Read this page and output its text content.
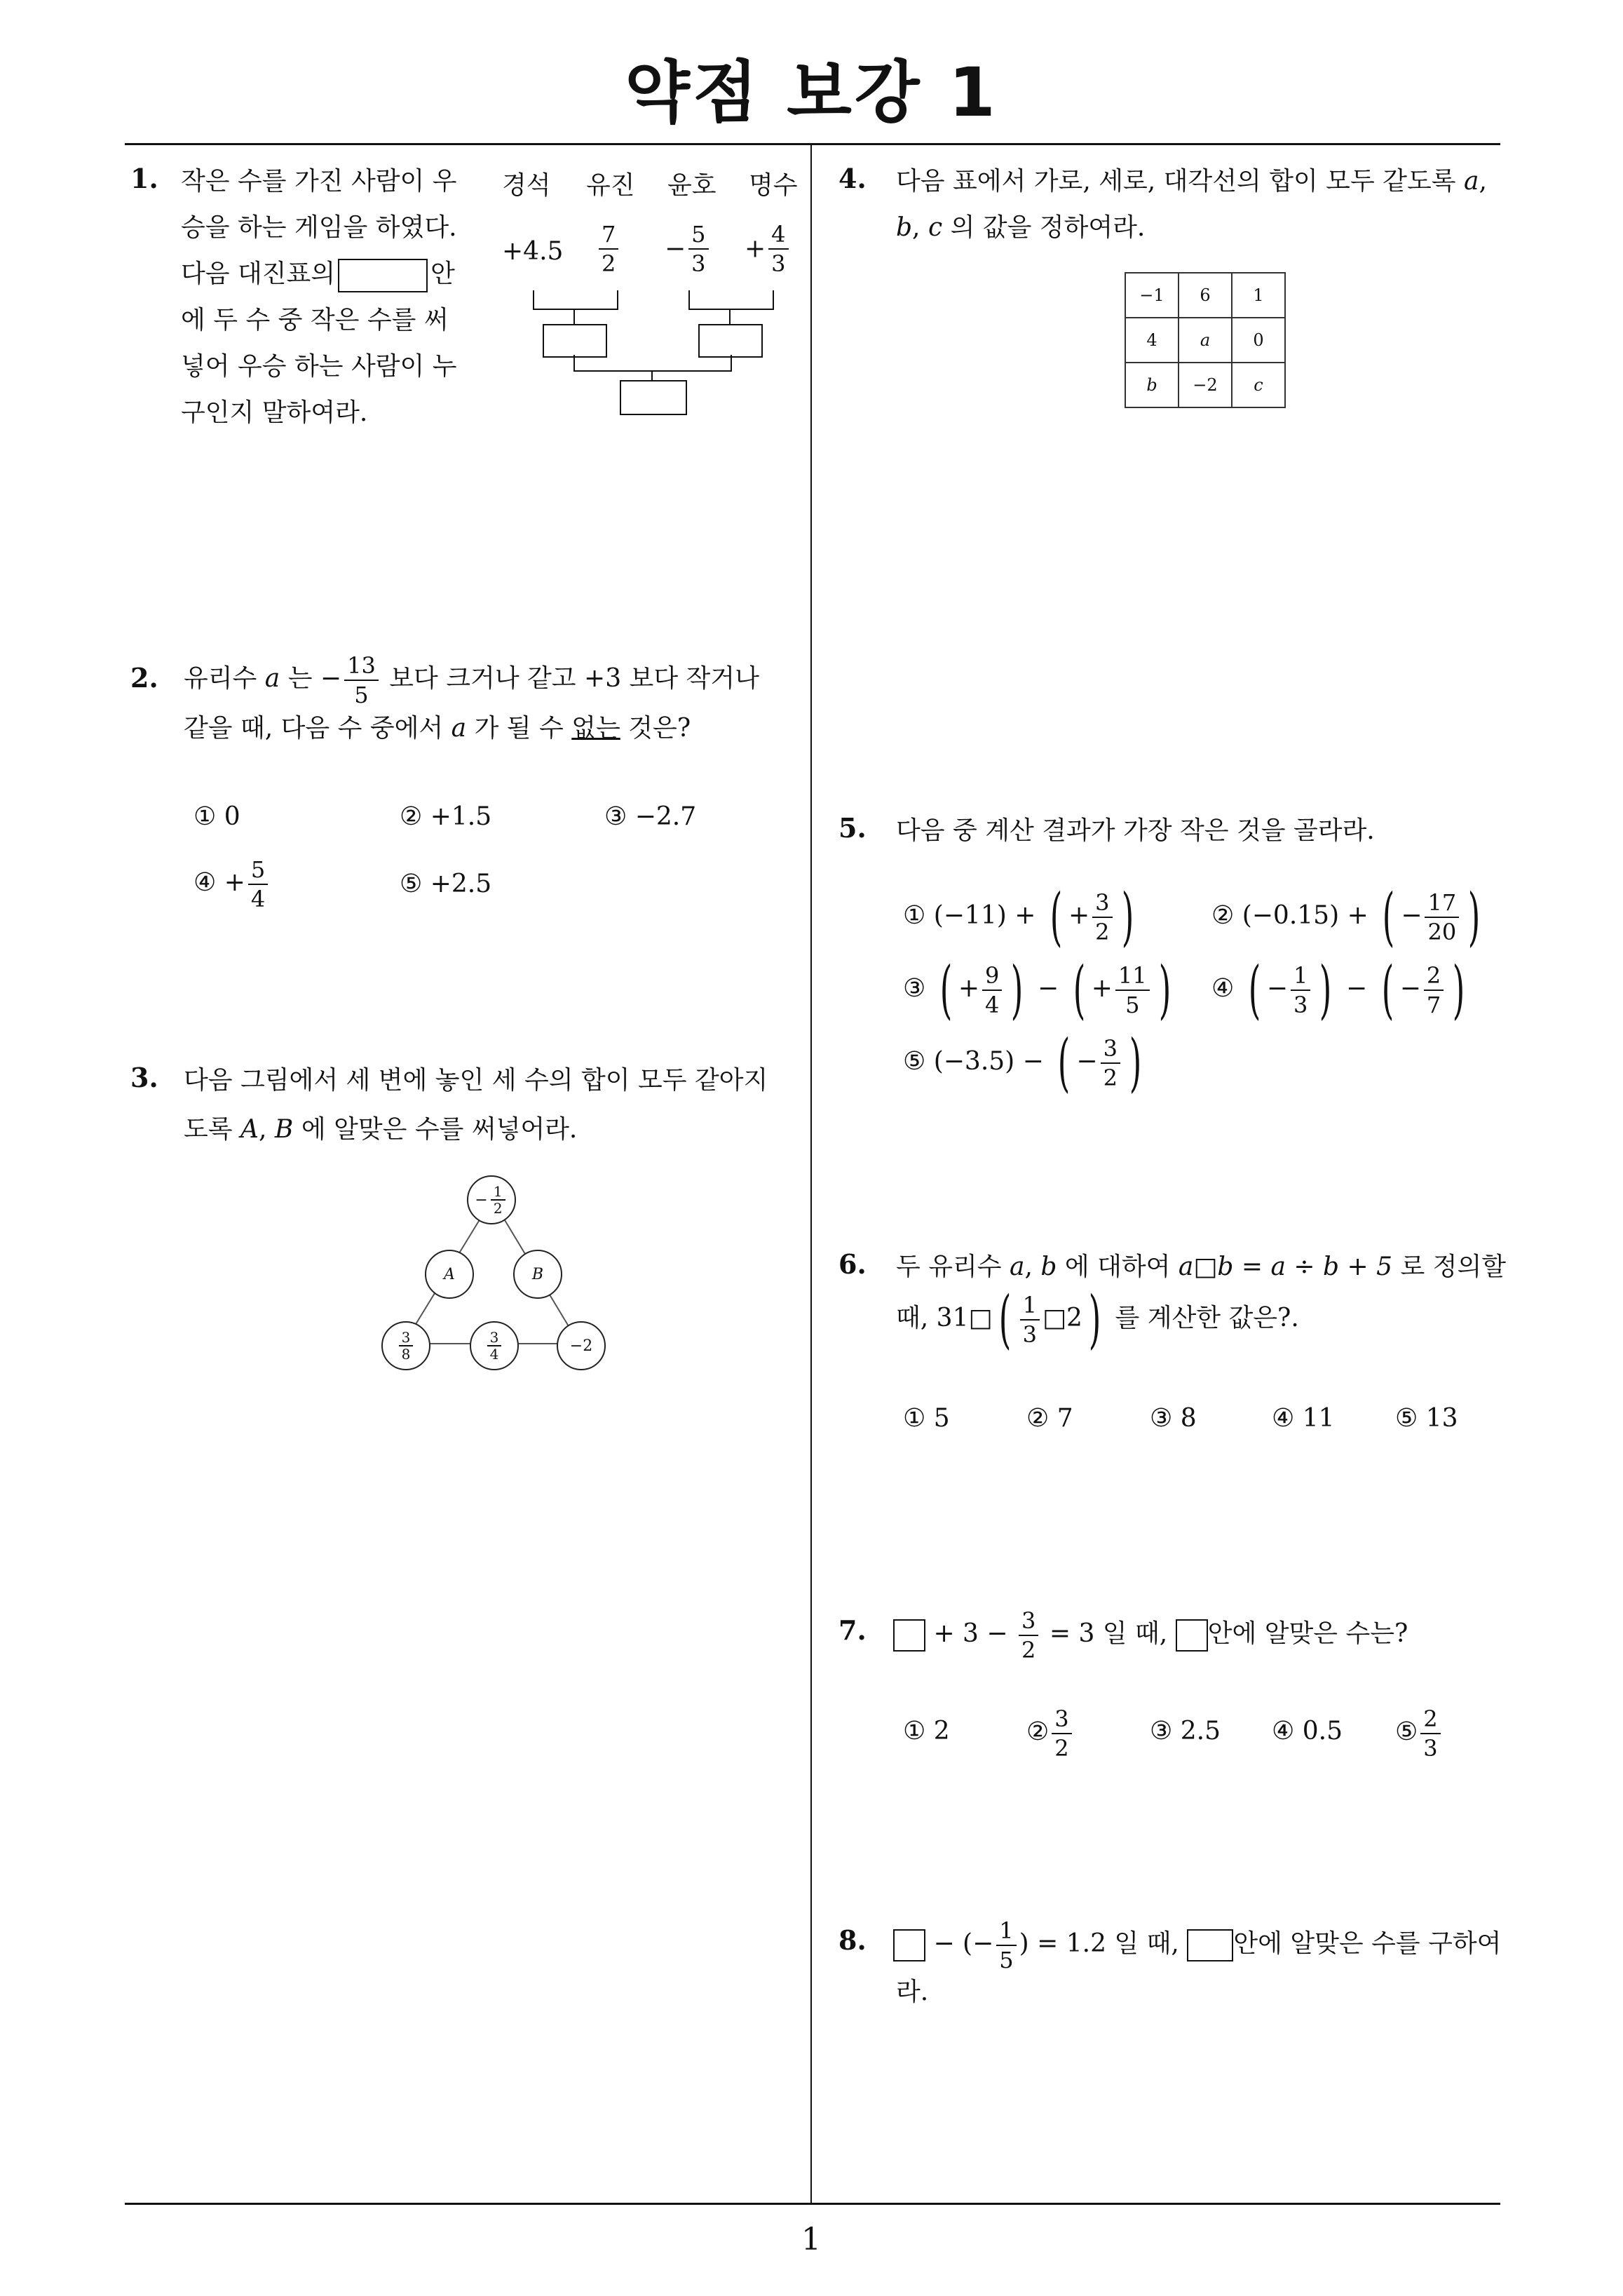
약점 보강 1
1
1. 작은 수를 가진 사람이 우
승을 하는 게임을 하였다.
다음 대진표의	안
에 두 수 중 작은 수를 써
넣어 우승 하는 사람이 누
구인지 말하여라.
경석 유진 윤호 명수
$+4.5 \frac{7}{2} - \frac{5}{3} + \frac{4}{3}$
2. 유리수 a 는 − $\frac{13}{5}$ 보다 크거나 같고 +3 보다 작거나
같을 때, 다음 수 중에서 a 가 될 수 없는 것은?
① 0	② +1.5	③ −2.7
④ + $\frac{5}{4}$	⑤ +2.5
3. 다음 그림에서 세 변에 놓인 세 수의 합이 모두 같아지
도록 A, B 에 알맞은 수를 써넣어라.
− $\frac{1}{2}$
A	B
$\frac{3}{8}$	$\frac{3}{4}$	−2
4. 다음 표에서 가로, 세로, 대각선의 합이 모두 같도록 a,
b, c 의 값을 정하여라.
−1	6	1
4	a	0
b	−2	c
5. 다음 중 계산 결과가 가장 작은 것을 골라라.
① (−11) + ( + $\frac{3}{2}$ )	② (−0.15) + ( − $\frac{17}{20}$ )
③ ( + $\frac{9}{4}$ ) − ( + $\frac{11}{5}$ ) ④ ( − $\frac{1}{3}$ ) − ( − $\frac{2}{7}$ )
⑤ (−3.5) − ( − $\frac{3}{2}$ )
6. 두 유리수 a, b 에 대하여 a□b = a ÷ b + 5 로 정의할
때, 31□( $\frac{1}{3}$ □2) 를 계산한 값은?.
① 5	② 7	③ 8	④ 11 ⑤ 13
7.	+ $3 - \frac{3}{2} = 3$ 일 때, 안에 알맞은 수는?
① 2	② $\frac{3}{2}$	③ 2.5 ④ 0.5 ⑤ $\frac{2}{3}$
8.	− (− $\frac{1}{5}$ ) = 1.2 일 때, 안에 알맞은 수를 구하여
라.
